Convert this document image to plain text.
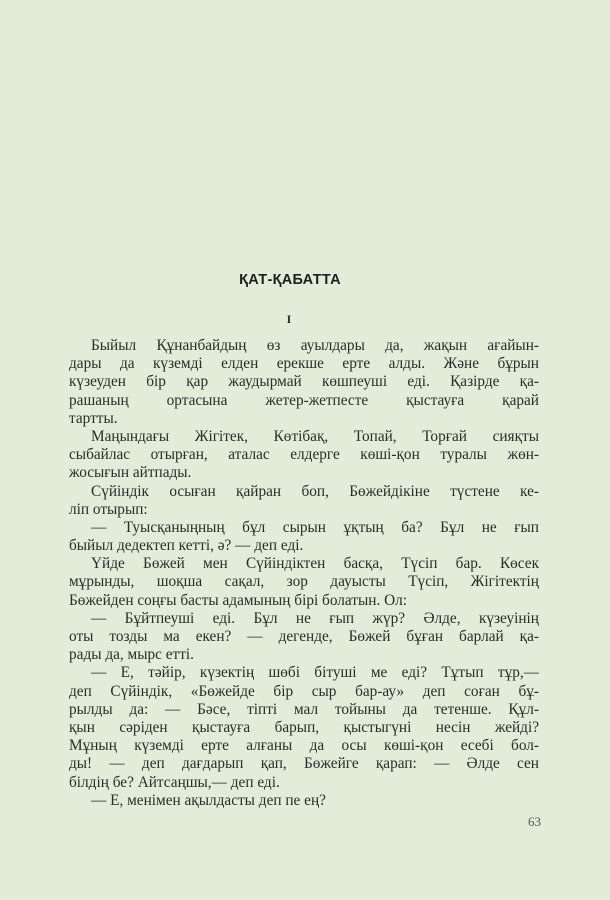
ҚАТ-ҚАБАТТА
I
Быйыл Құнанбайдың өз ауылдары да, жақын ағайын-
дары да күземді елден ерекше ерте алды. Және бұрын
күзеуден бір қар жаудырмай көшпеуші еді. Қазірде қа-
рашаның ортасына жетер-жетпесте қыстауға қарай
тартты.
Маңындағы Жігітек, Көтібақ, Топай, Торғай сияқты
сыбайлас отырған, аталас елдерге көші-қон туралы жөн-
жосығын айтпады.
Сүйіндік осыған қайран боп, Бөжейдікіне түстене ке-
ліп отырып:
— Туысқаныңның бұл сырын ұқтың ба? Бұл не ғып
быйыл дедектеп кетті, ә? — деп еді.
Үйде Бөжей мен Сүйіндіктен басқа, Түсіп бар. Көсек
мұрынды, шоқша сақал, зор дауысты Түсіп, Жігітектің
Бөжейден соңғы басты адамының бірі болатын. Ол:
— Бұйтпеуші еді. Бұл не ғып жүр? Әлде, күзеуінің
оты тозды ма екен? — дегенде, Бөжей бұған барлай қа-
рады да, мырс етті.
— Е, тәйір, күзектің шөбі бітуші ме еді? Тұтып тұр,—
деп Сүйіндік, «Бөжейде бір сыр бар-ау» деп соған бұ-
рылды да: — Бәсе, тіпті мал тойыны да тетенше. Құл-
қын сәріден қыстауға барып, қыстыгүні несін жейді?
Мұның күземді ерте алғаны да осы көші-қон есебі бол-
ды! — деп дағдарып қап, Бөжейге қарап: — Әлде сен
білдің бе? Айтсаңшы,— деп еді.
— Е, менімен ақылдасты деп пе ең?
63
